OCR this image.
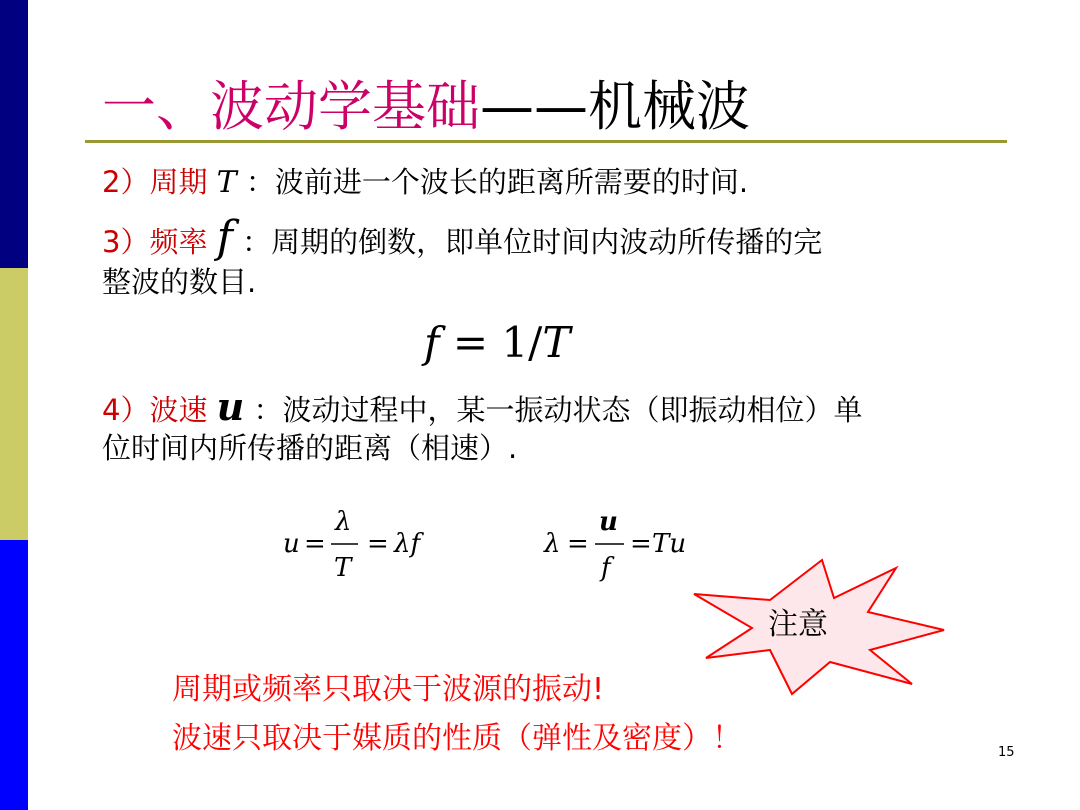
一、波动学基础——机械波
2）周期 T ：波前进一个波长的距离所需要的时间.
3）频率 f ：周期的倒数，即单位时间内波动所传播的完
整波的数目.
f = 1/T
4）波速 u ：波动过程中，某一振动状态（即振动相位）单
位时间内所传播的距离（相速）.
u =
λ
T
= λf	λ =
u
f
= Tu
注意
周期或频率只取决于波源的振动!
波速只取决于媒质的性质（弹性及密度）！	15
